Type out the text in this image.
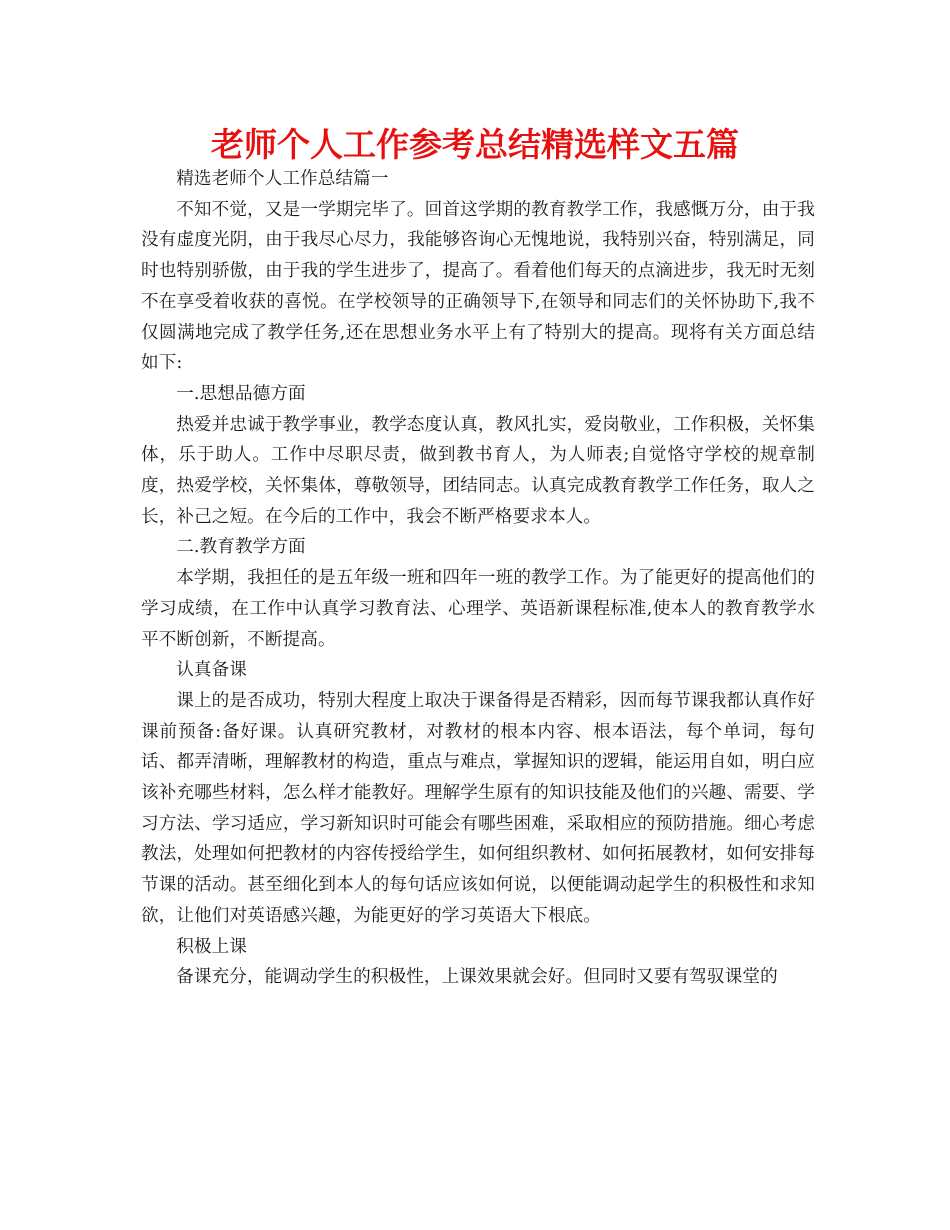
老师个人工作参考总结精选样文五篇

精选老师个人工作总结篇一

不知不觉，又是一学期完毕了。回首这学期的教育教学工作，我感慨万分，由于我没有虚度光阴，由于我尽心尽力，我能够咨询心无愧地说，我特别兴奋，特别满足，同时也特别骄傲，由于我的学生进步了，提高了。看着他们每天的点滴进步，我无时无刻不在享受着收获的喜悦。在学校领导的正确领导下,在领导和同志们的关怀协助下,我不仅圆满地完成了教学任务,还在思想业务水平上有了特别大的提高。现将有关方面总结如下:

一.思想品德方面

热爱并忠诚于教学事业，教学态度认真，教风扎实，爱岗敬业，工作积极，关怀集体，乐于助人。工作中尽职尽责，做到教书育人，为人师表;自觉恪守学校的规章制度，热爱学校，关怀集体，尊敬领导，团结同志。认真完成教育教学工作任务，取人之长，补己之短。在今后的工作中，我会不断严格要求本人。

二.教育教学方面

本学期，我担任的是五年级一班和四年一班的教学工作。为了能更好的提高他们的学习成绩，在工作中认真学习教育法、心理学、英语新课程标准,使本人的教育教学水平不断创新，不断提高。

认真备课

课上的是否成功，特别大程度上取决于课备得是否精彩，因而每节课我都认真作好课前预备:备好课。认真研究教材，对教材的根本内容、根本语法，每个单词，每句话、都弄清晰，理解教材的构造，重点与难点，掌握知识的逻辑，能运用自如，明白应该补充哪些材料，怎么样才能教好。理解学生原有的知识技能及他们的兴趣、需要、学习方法、学习适应，学习新知识时可能会有哪些困难，采取相应的预防措施。细心考虑教法，处理如何把教材的内容传授给学生，如何组织教材、如何拓展教材，如何安排每节课的活动。甚至细化到本人的每句话应该如何说，以便能调动起学生的积极性和求知欲，让他们对英语感兴趣，为能更好的学习英语大下根底。

积极上课

备课充分，能调动学生的积极性，上课效果就会好。但同时又要有驾驭课堂的
